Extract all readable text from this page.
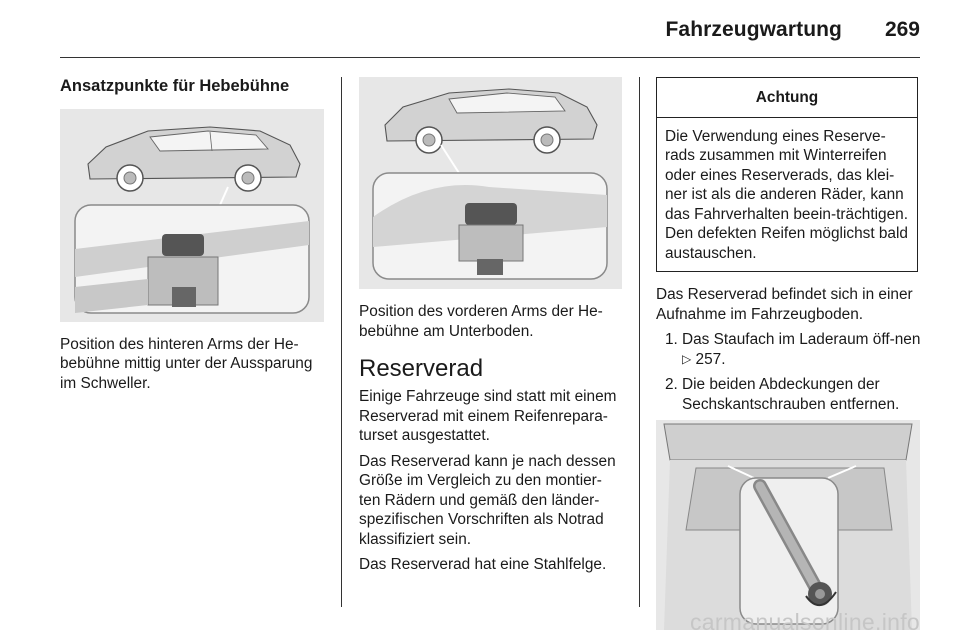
Fahrzeugwartung 269
Ansatzpunkte für Hebebühne

Position des hinteren Arms der He-bebühne mittig unter der Aussparung im Schweller.

Position des vorderen Arms der He-bebühne am Unterboden.

Reserverad

Einige Fahrzeuge sind statt mit einem Reserverad mit einem Reifenrepara-turset ausgestattet.

Das Reserverad kann je nach dessen Größe im Vergleich zu den montier-ten Rädern und gemäß den länder-spezifischen Vorschriften als Notrad klassifiziert sein.

Das Reserverad hat eine Stahlfelge.

Achtung
Die Verwendung eines Reserve-rads zusammen mit Winterreifen oder eines Reserverads, das klei-ner ist als die anderen Räder, kann das Fahrverhalten beein-trächtigen. Den defekten Reifen möglichst bald austauschen.

Das Reserverad befindet sich in einer Aufnahme im Fahrzeugboden.

1. Das Staufach im Laderaum öff-nen ▷ 257.
2. Die beiden Abdeckungen der Sechskantschrauben entfernen.
carmanualsonline.info
